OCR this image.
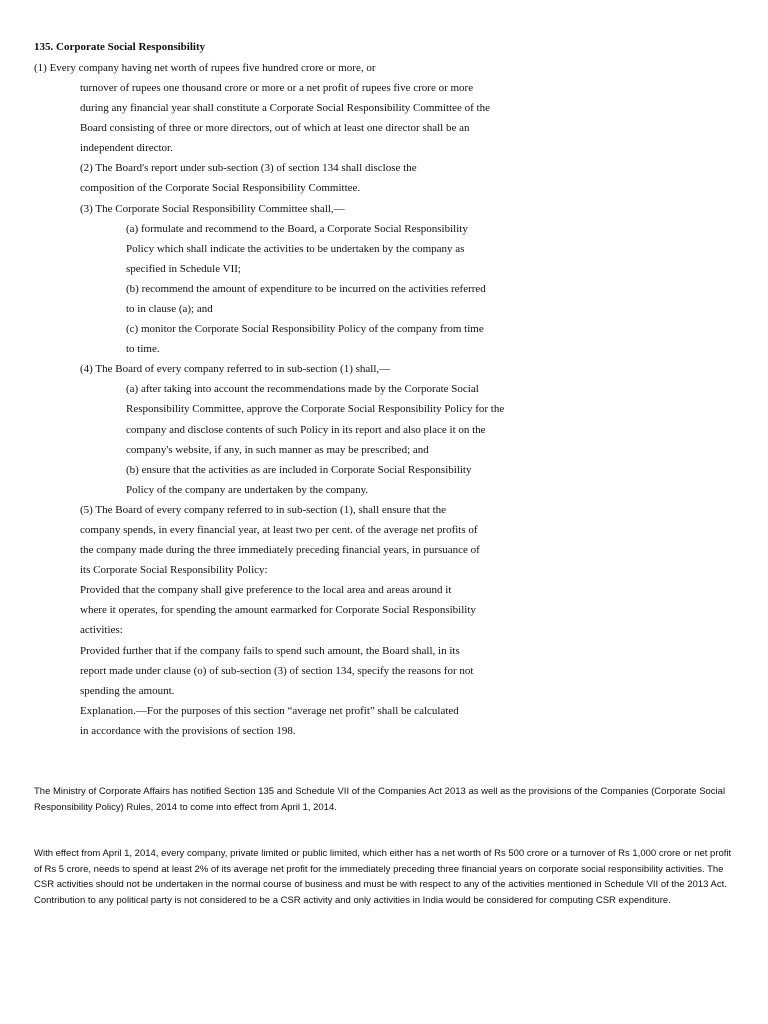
135. Corporate Social Responsibility
(1) Every company having net worth of rupees five hundred crore or more, or
turnover of rupees one thousand crore or more or a net profit of rupees five crore or more
during any financial year shall constitute a Corporate Social Responsibility Committee of the
Board consisting of three or more directors, out of which at least one director shall be an
independent director.
(2) The Board's report under sub-section (3) of section 134 shall disclose the
composition of the Corporate Social Responsibility Committee.
(3) The Corporate Social Responsibility Committee shall,—
(a) formulate and recommend to the Board, a Corporate Social Responsibility
Policy which shall indicate the activities to be undertaken by the company as
specified in Schedule VII;
(b) recommend the amount of expenditure to be incurred on the activities referred
to in clause (a); and
(c) monitor the Corporate Social Responsibility Policy of the company from time
to time.
(4) The Board of every company referred to in sub-section (1) shall,—
(a) after taking into account the recommendations made by the Corporate Social
Responsibility Committee, approve the Corporate Social Responsibility Policy for the
company and disclose contents of such Policy in its report and also place it on the
company's website, if any, in such manner as may be prescribed; and
(b) ensure that the activities as are included in Corporate Social Responsibility
Policy of the company are undertaken by the company.
(5) The Board of every company referred to in sub-section (1), shall ensure that the
company spends, in every financial year, at least two per cent. of the average net profits of
the company made during the three immediately preceding financial years, in pursuance of
its Corporate Social Responsibility Policy:
Provided that the company shall give preference to the local area and areas around it
where it operates, for spending the amount earmarked for Corporate Social Responsibility
activities:
Provided further that if the company fails to spend such amount, the Board shall, in its
report made under clause (o) of sub-section (3) of section 134, specify the reasons for not
spending the amount.
Explanation.—For the purposes of this section “average net profit” shall be calculated
in accordance with the provisions of section 198.
The Ministry of Corporate Affairs has notified Section 135 and Schedule VII of the Companies Act 2013 as well as the provisions of the Companies (Corporate Social Responsibility Policy) Rules, 2014 to come into effect from April 1, 2014.
With effect from April 1, 2014, every company, private limited or public limited, which either has a net worth of Rs 500 crore or a turnover of Rs 1,000 crore or net profit of Rs 5 crore, needs to spend at least 2% of its average net profit for the immediately preceding three financial years on corporate social responsibility activities. The CSR activities should not be undertaken in the normal course of business and must be with respect to any of the activities mentioned in Schedule VII of the 2013 Act. Contribution to any political party is not considered to be a CSR activity and only activities in India would be considered for computing CSR expenditure.
